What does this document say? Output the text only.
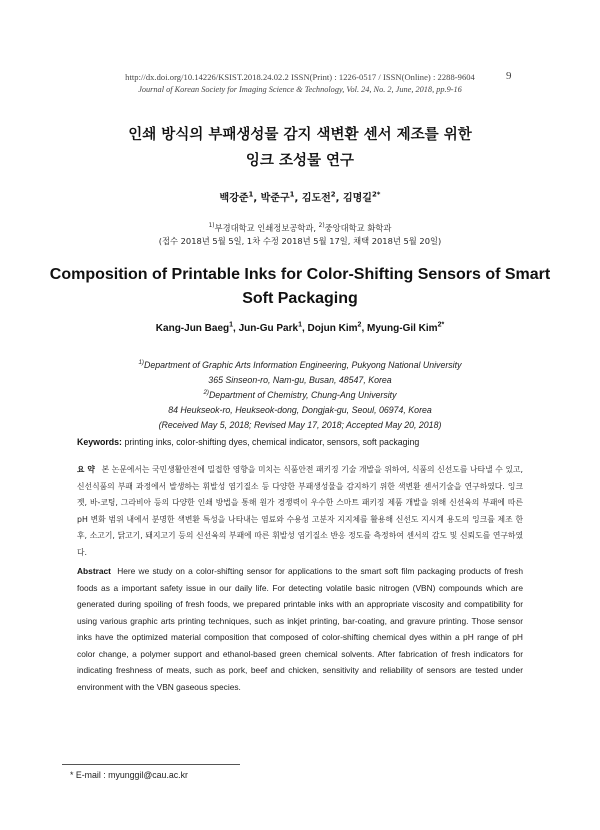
http://dx.doi.org/10.14226/KSIST.2018.24.02.2 ISSN(Print) : 1226-0517 / ISSN(Online) : 2288-9604	9
Journal of Korean Society for Imaging Science & Technology, Vol. 24, No. 2, June, 2018, pp.9-16
인쇄 방식의 부패생성물 감지 색변환 센서 제조를 위한
잉크 조성물 연구
백강준$^1$, 박준구$^1$, 김도전$^2$, 김명길$^{2*}$
$^{1)}$부경대학교 인쇄정보공학과, $^{2)}$중앙대학교 화학과
(접수 2018년 5월 5일, 1차 수정 2018년 5월 17일, 채택 2018년 5월 20일)
Composition of Printable Inks for Color-Shifting Sensors of Smart
Soft Packaging
Kang-Jun Baeg$^1$, Jun-Gu Park$^1$, Dojun Kim$^2$, Myung-Gil Kim$^{2*}$
$^{1)}$Department of Graphic Arts Information Engineering, Pukyong National University
365 Sinseon-ro, Nam-gu, Busan, 48547, Korea
$^{2)}$Department of Chemistry, Chung-Ang University
84 Heukseok-ro, Heukseok-dong, Dongjak-gu, Seoul, 06974, Korea
(Received May 5, 2018; Revised May 17, 2018; Accepted May 20, 2018)
Keywords: printing inks, color-shifting dyes, chemical indicator, sensors, soft packaging
요 약 본 논문에서는 국민생활안전에 밀접한 영향을 미치는 식품안전 패키징 기술 개발을 위하여, 식품의 신선도를 나타낼 수 있고, 신선식품의 부패 과정에서 발생하는 휘발성 염기질소 등 다양한 부패생성물을 감지하기 위한 색변환 센서기술을 연구하였다. 잉크젯, 바-코팅, 그라비아 등의 다양한 인쇄 방법을 통해 원가 경쟁력이 우수한 스마트 패키징 제품 개발을 위해 신선육의 부패에 따른 pH 변화 범위 내에서 분명한 색변환 특성을 나타내는 염료와 수용성 고분자 지지체를 활용해 신선도 지시계 용도의 잉크를 제조 한 후, 소고기, 닭고기, 돼지고기 등의 신선육의 부패에 따른 휘발성 염기질소 반응 정도를 측정하여 센서의 감도 및 신뢰도를 연구하였다.
Abstract Here we study on a color-shifting sensor for applications to the smart soft film packaging products of fresh foods as a important safety issue in our daily life. For detecting volatile basic nitrogen (VBN) compounds which are generated during spoiling of fresh foods, we prepared printable inks with an appropriate viscosity and compatibility for using various graphic arts printing techniques, such as inkjet printing, bar-coating, and gravure printing. Those sensor inks have the optimized material composition that composed of color-shifting chemical dyes within a pH range of pH color change, a polymer support and ethanol-based green chemical solvents. After fabrication of fresh indicators for indicating freshness of meats, such as pork, beef and chicken, sensitivity and reliability of sensors are tested under environment with the VBN gaseous species.
* E-mail : myunggil@cau.ac.kr
